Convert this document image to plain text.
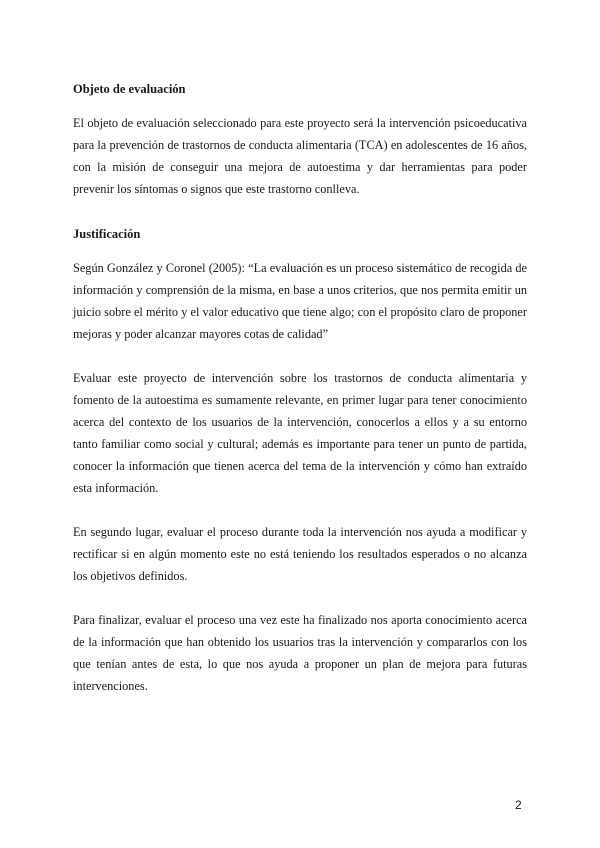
Objeto de evaluación

El objeto de evaluación seleccionado para este proyecto será la intervención psicoeducativa para la prevención de trastornos de conducta alimentaria (TCA) en adolescentes de 16 años, con la misión de conseguir una mejora de autoestima y dar herramientas para poder prevenir los síntomas o signos que este trastorno conlleva.

Justificación

Según González y Coronel (2005): “La evaluación es un proceso sistemático de recogida de información y comprensión de la misma, en base a unos criterios, que nos permita emitir un juicio sobre el mérito y el valor educativo que tiene algo; con el propósito claro de proponer mejoras y poder alcanzar mayores cotas de calidad”

Evaluar este proyecto de intervención sobre los trastornos de conducta alimentaria y fomento de la autoestima es sumamente relevante, en primer lugar para tener conocimiento acerca del contexto de los usuarios de la intervención, conocerlos a ellos y a su entorno tanto familiar como social y cultural; además es importante para tener un punto de partida, conocer la información que tienen acerca del tema de la intervención y cómo han extraído esta información.

En segundo lugar, evaluar el proceso durante toda la intervención nos ayuda a modificar y rectificar si en algún momento este no está teniendo los resultados esperados o no alcanza los objetivos definidos.

Para finalizar, evaluar el proceso una vez este ha finalizado nos aporta conocimiento acerca de la información que han obtenido los usuarios tras la intervención y compararlos con los que tenían antes de esta, lo que nos ayuda a proponer un plan de mejora para futuras intervenciones.

2
